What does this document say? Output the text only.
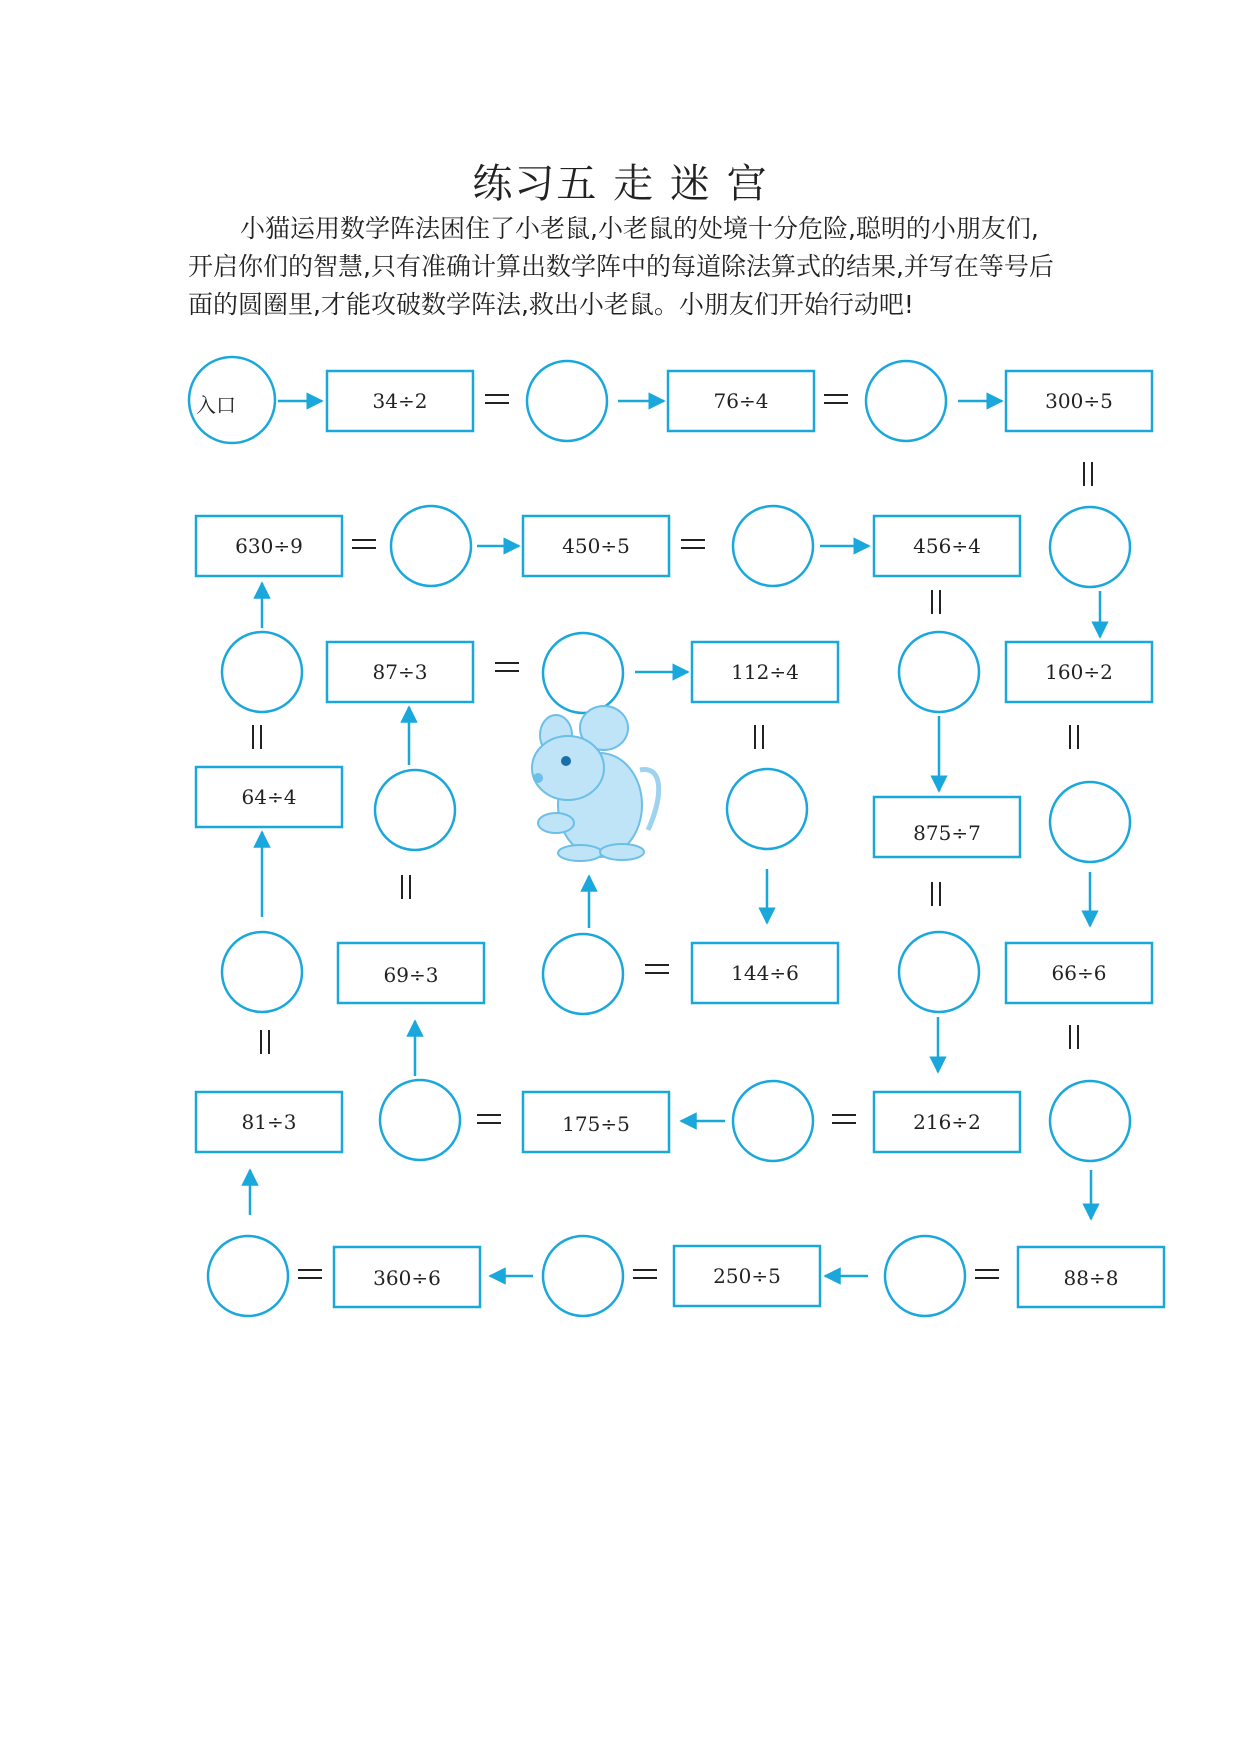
练习五 走 迷 宫

小猫运用数学阵法困住了小老鼠,小老鼠的处境十分危险,聪明的小朋友们,

开启你们的智慧,只有准确计算出数学阵中的每道除法算式的结果,并写在等号后

面的圆圈里,才能攻破数学阵法,救出小老鼠。小朋友们开始行动吧!

入口	34÷2	76÷4	300÷5
630÷9	450÷5	456÷4
87÷3	112÷4	160÷2
64÷4
875÷7
69÷3	144÷6	66÷6
81÷3	175÷5	216÷2
360÷6	250÷5	88÷8
